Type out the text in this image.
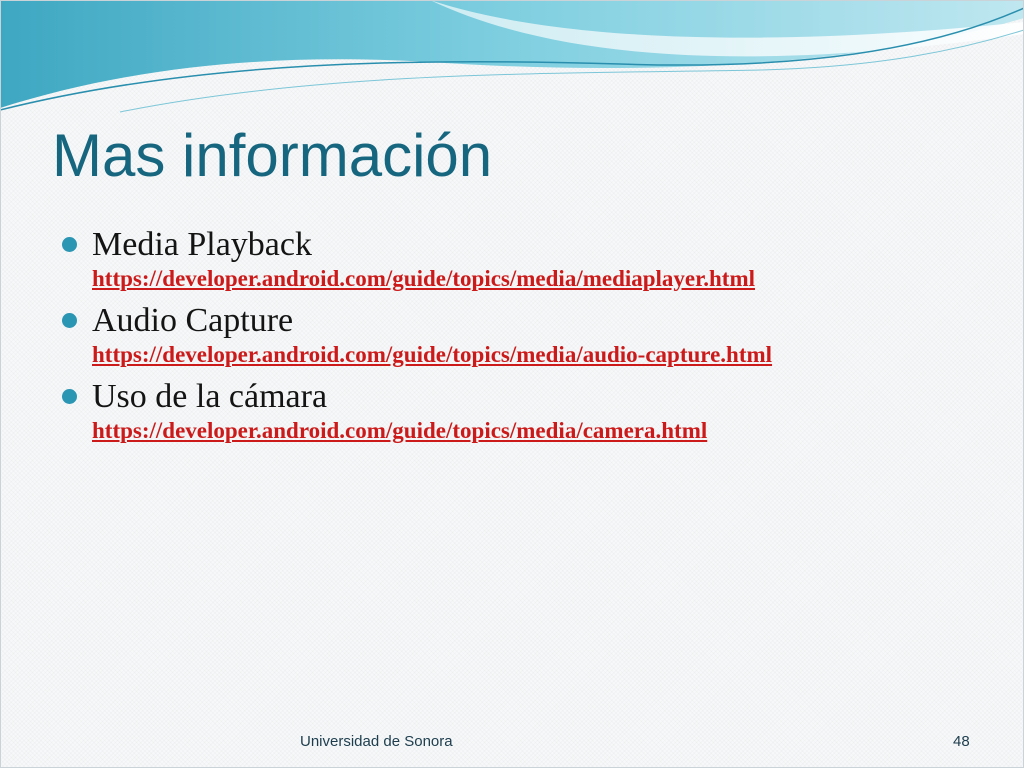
Mas información
Media Playback
https://developer.android.com/guide/topics/media/mediaplayer.html
Audio Capture
https://developer.android.com/guide/topics/media/audio-capture.html
Uso de la cámara
https://developer.android.com/guide/topics/media/camera.html
Universidad de Sonora	48
